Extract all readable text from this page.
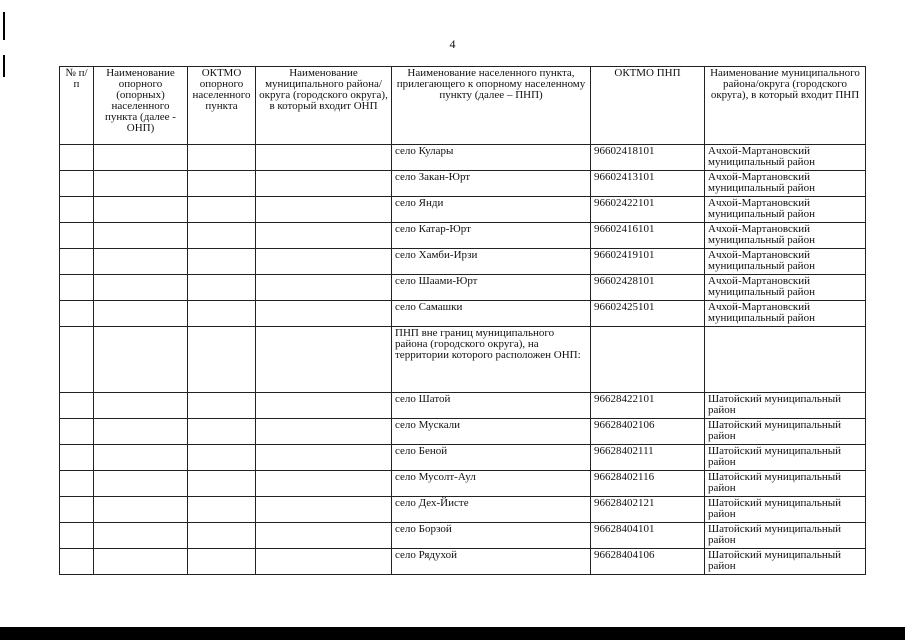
4
№ п/п	Наименование опорного (опорных) населенного пункта (далее - ОНП)	ОКТМО опорного населенного пункта	Наименование муниципального района/округа (городского округа), в который входит ОНП	Наименование населенного пункта, прилегающего к опорному населенному пункту (далее – ПНП)	ОКТМО ПНП	Наименование муниципального района/округа (городского округа), в который входит ПНП
				село Кулары	96602418101	Ачхой-Мартановский муниципальный район
				село Закан-Юрт	96602413101	Ачхой-Мартановский муниципальный район
				село Янди	96602422101	Ачхой-Мартановский муниципальный район
				село Катар-Юрт	96602416101	Ачхой-Мартановский муниципальный район
				село Хамби-Ирзи	96602419101	Ачхой-Мартановский муниципальный район
				село Шаами-Юрт	96602428101	Ачхой-Мартановский муниципальный район
				село Самашки	96602425101	Ачхой-Мартановский муниципальный район
				ПНП вне границ муниципального района (городского округа), на территории которого расположен ОНП:		
				село Шатой	96628422101	Шатойский муниципальный район
				село Мускали	96628402106	Шатойский муниципальный район
				село Беной	96628402111	Шатойский муниципальный район
				село Мусолт-Аул	96628402116	Шатойский муниципальный район
				село Дех-Йисте	96628402121	Шатойский муниципальный район
				село Борзой	96628404101	Шатойский муниципальный район
				село Рядухой	96628404106	Шатойский муниципальный район
